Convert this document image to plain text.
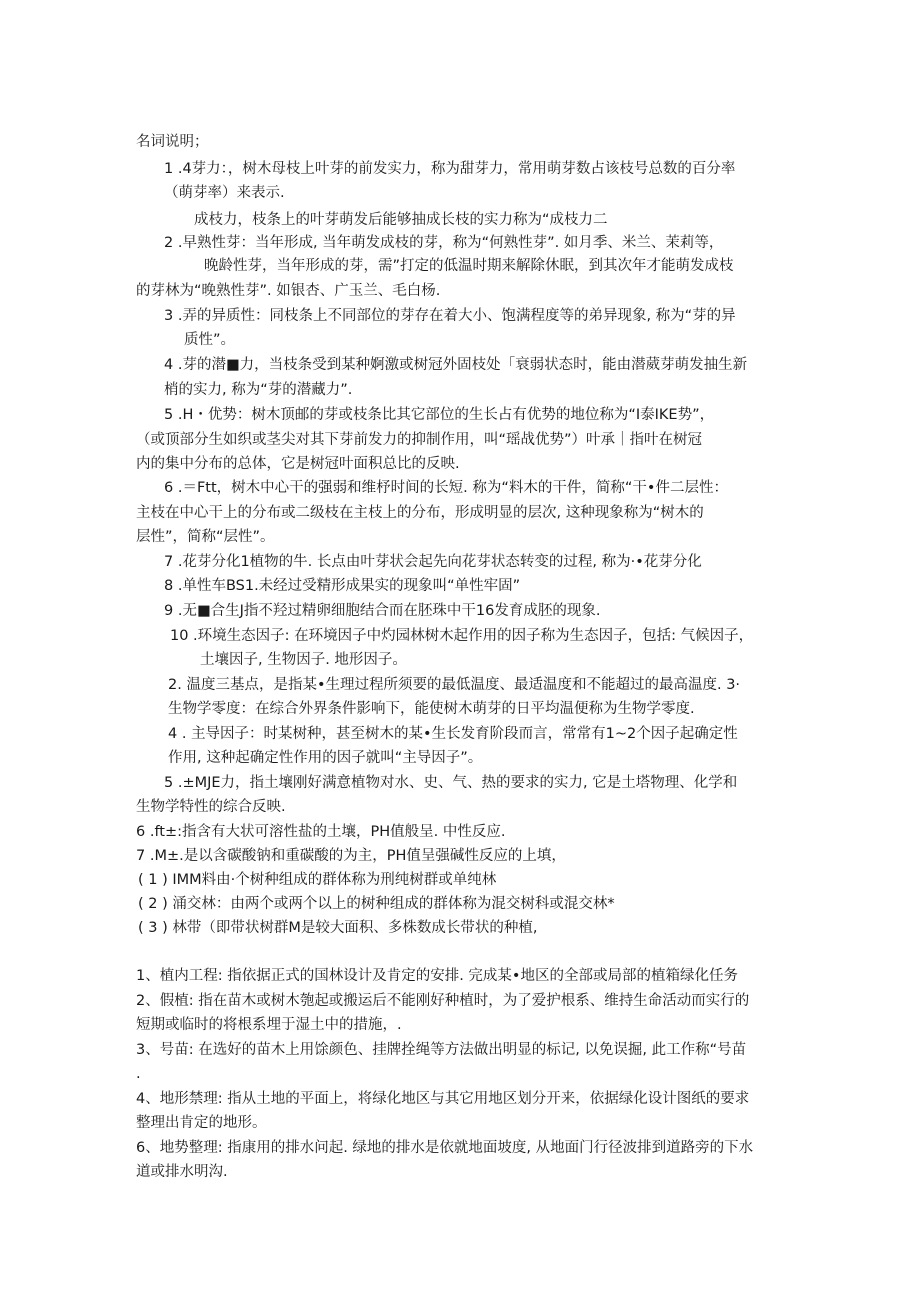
名词说明；
1 .4芽力：，树木母枝上叶芽的前发实力，称为甜芽力，常用萌芽数占该枝号总数的百分率
（萌芽率）来表示.
成枝力，枝条上的叶芽萌发后能够抽成长枝的实力称为“成枝力二
2 .早熟性芽：当年形成, 当年萌发成枝的芽，称为“何熟性芽”. 如月季、米兰、茉莉等，
晚龄性芽，当年形成的芽，需”打定的低温时期来解除休眠，到其次年才能萌发成枝
的芽林为“晚熟性芽”. 如银杏、广玉兰、毛白杨.
3 .弄的异质性：同枝条上不同部位的芽存在着大小、饱满程度等的弟异现象, 称为“芽的异
质性”。
4 .芽的潜■力，当枝条受到某种婀激或树冠外固枝处「衰弱状态时，能由潜葳芽萌发抽生新
梢的实力, 称为“芽的潜藏力”.
5 .H・优势：树木顶邮的芽或枝条比其它部位的生长占有优势的地位称为“I泰IKE势”，
（或顶部分生如织或茎尖对其下芽前发力的抑制作用，叫“瑶战优势”）叶承｜指叶在树冠
内的集中分布的总体，它是树冠叶面积总比的反映.
6 .＝Ftt，树木中心干的强弱和维杼时间的长短. 称为“料木的干件，简称“干•件二层性：
主枝在中心干上的分布或二级枝在主枝上的分布，形成明显的层次, 这种现象称为“树木的
层性”，简称“层性”。
7 .花芽分化1植物的牛. 长点由叶芽状会起先向花芽状态转变的过程, 称为·•花芽分化
8 .单性车BS1.未经过受精形成果实的现象叫“单性牢固”
9 .无■合生J指不羟过精卵细胞结合而在胚珠中干16发育成胚的现象.
10 .环境生态因子: 在环境因子中灼园林树木起作用的因子称为生态因子，包括: 气候因子，
土壤因子, 生物因子. 地形因子。
2. 温度三基点，是指某•生理过程所须要的最低温度、最适温度和不能超过的最高温度. 3·
生物学零度：在综合外界条件影响下，能使树木萌芽的日平均温便称为生物学零度.
4 . 主导因子：时某树种，甚至树木的某•生长发育阶段而言，常常有1~2个因子起确定性
作用, 这种起确定性作用的因子就叫“主导因子”。
5 .±MJE力，指土壤刚好满意植物对水、史、气、热的要求的实力, 它是土塔物理、化学和
生物学特性的综合反映.
6 .ft±:指含有大状可溶性盐的土壤，PH值般呈. 中性反应.
7 .M±.是以含碳酸钠和重碳酸的为主，PH值呈强碱性反应的上填，
( 1 ) IMM料由·个树种组成的群体称为刑纯树群或单纯林
( 2 ) 涌交林：由两个或两个以上的树种组成的群体称为混交树科或混交林*
( 3 ) 林带（即带状树群M是较大面积、多株数成长带状的种植,
1、植内工程: 指依据正式的国林设计及肯定的安排. 完成某•地区的全部或局部的植箱绿化任务
2、假植: 指在苗木或树木匏起或搬运后不能刚好种植时，为了爱护根系、维持生命活动而实行的
短期或临时的将根系埋于湿土中的措施，.
3、号苗: 在选好的苗木上用馀颜色、挂牌拴绳等方法做出明显的标记, 以免误掘, 此工作称“号苗
.
4、地形禁理: 指从土地的平面上，将绿化地区与其它用地区划分开来，依据绿化设计图纸的要求
整理出肯定的地形。
6、地势整理: 指康用的排水问起. 绿地的排水是依就地面坡度, 从地面门行径波排到道路旁的下水
道或排水明沟.
